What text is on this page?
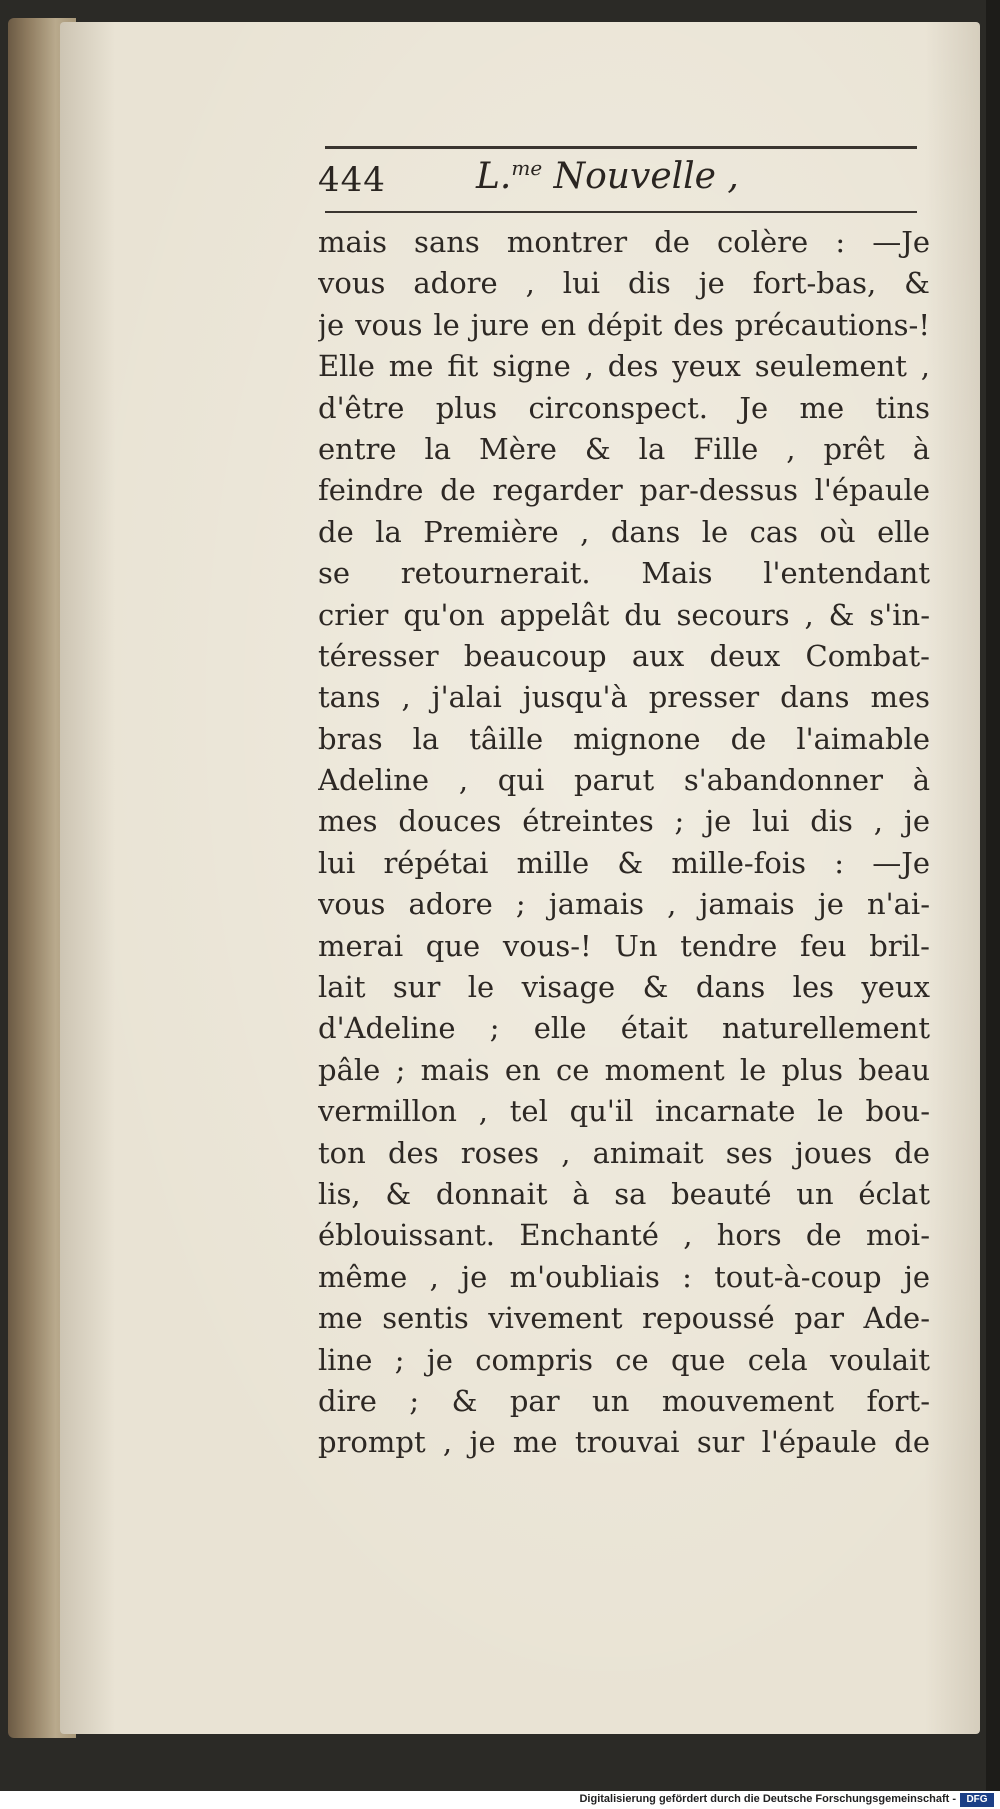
444	L.$^{me}$ Nouvelle ,
mais sans montrer de colère : —Je
vous adore , lui dis je fort-bas, &
je vous le jure en dépit des précautions-!
Elle me fit signe , des yeux seulement ,
d'être plus circonspect. Je me tins
entre la Mère & la Fille , prêt à
feindre de regarder par-dessus l'épaule
de la Première , dans le cas où elle
se retournerait. Mais l'entendant
crier qu'on appelât du secours , & s'in-
téresser beaucoup aux deux Combat-
tans , j'alai jusqu'à presser dans mes
bras la tâille mignone de l'aimable
Adeline , qui parut s'abandonner à
mes douces étreintes ; je lui dis , je
lui répétai mille & mille-fois : —Je
vous adore ; jamais , jamais je n'ai-
merai que vous-! Un tendre feu bril-
lait sur le visage & dans les yeux
d'Adeline ; elle était naturellement
pâle ; mais en ce moment le plus beau
vermillon , tel qu'il incarnate le bou-
ton des roses , animait ses joues de
lis, & donnait à sa beauté un éclat
éblouissant. Enchanté , hors de moi-
même , je m'oubliais : tout-à-coup je
me sentis vivement repoussé par Ade-
line ; je compris ce que cela voulait
dire ; & par un mouvement fort-
prompt , je me trouvai sur l'épaule de
Digitalisierung gefördert durch die Deutsche Forschungsgemeinschaft -	DFG
